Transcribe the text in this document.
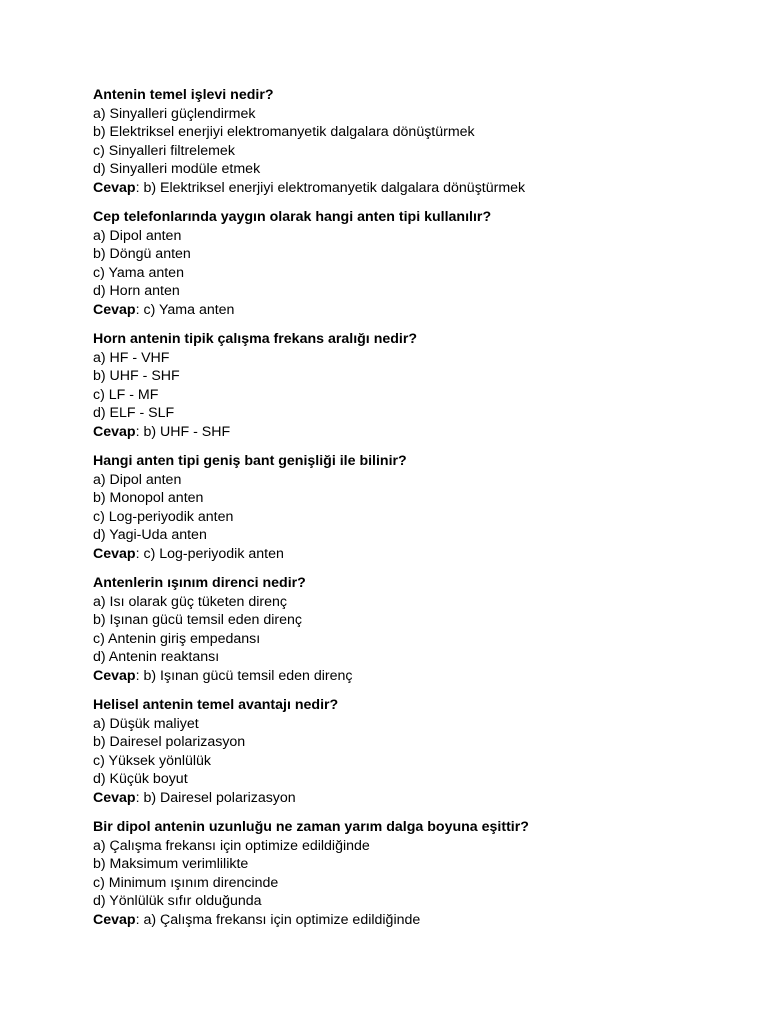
Antenin temel işlevi nedir?
a) Sinyalleri güçlendirmek
b) Elektriksel enerjiyi elektromanyetik dalgalara dönüştürmek
c) Sinyalleri filtrelemek
d) Sinyalleri modüle etmek
Cevap: b) Elektriksel enerjiyi elektromanyetik dalgalara dönüştürmek
Cep telefonlarında yaygın olarak hangi anten tipi kullanılır?
a) Dipol anten
b) Döngü anten
c) Yama anten
d) Horn anten
Cevap: c) Yama anten
Horn antenin tipik çalışma frekans aralığı nedir?
a) HF - VHF
b) UHF - SHF
c) LF - MF
d) ELF - SLF
Cevap: b) UHF - SHF
Hangi anten tipi geniş bant genişliği ile bilinir?
a) Dipol anten
b) Monopol anten
c) Log-periyodik anten
d) Yagi-Uda anten
Cevap: c) Log-periyodik anten
Antenlerin ışınım direnci nedir?
a) Isı olarak güç tüketen direnç
b) Işınan gücü temsil eden direnç
c) Antenin giriş empedansı
d) Antenin reaktansı
Cevap: b) Işınan gücü temsil eden direnç
Helisel antenin temel avantajı nedir?
a) Düşük maliyet
b) Dairesel polarizasyon
c) Yüksek yönlülük
d) Küçük boyut
Cevap: b) Dairesel polarizasyon
Bir dipol antenin uzunluğu ne zaman yarım dalga boyuna eşittir?
a) Çalışma frekansı için optimize edildiğinde
b) Maksimum verimlilikte
c) Minimum ışınım direncinde
d) Yönlülük sıfır olduğunda
Cevap: a) Çalışma frekansı için optimize edildiğinde
